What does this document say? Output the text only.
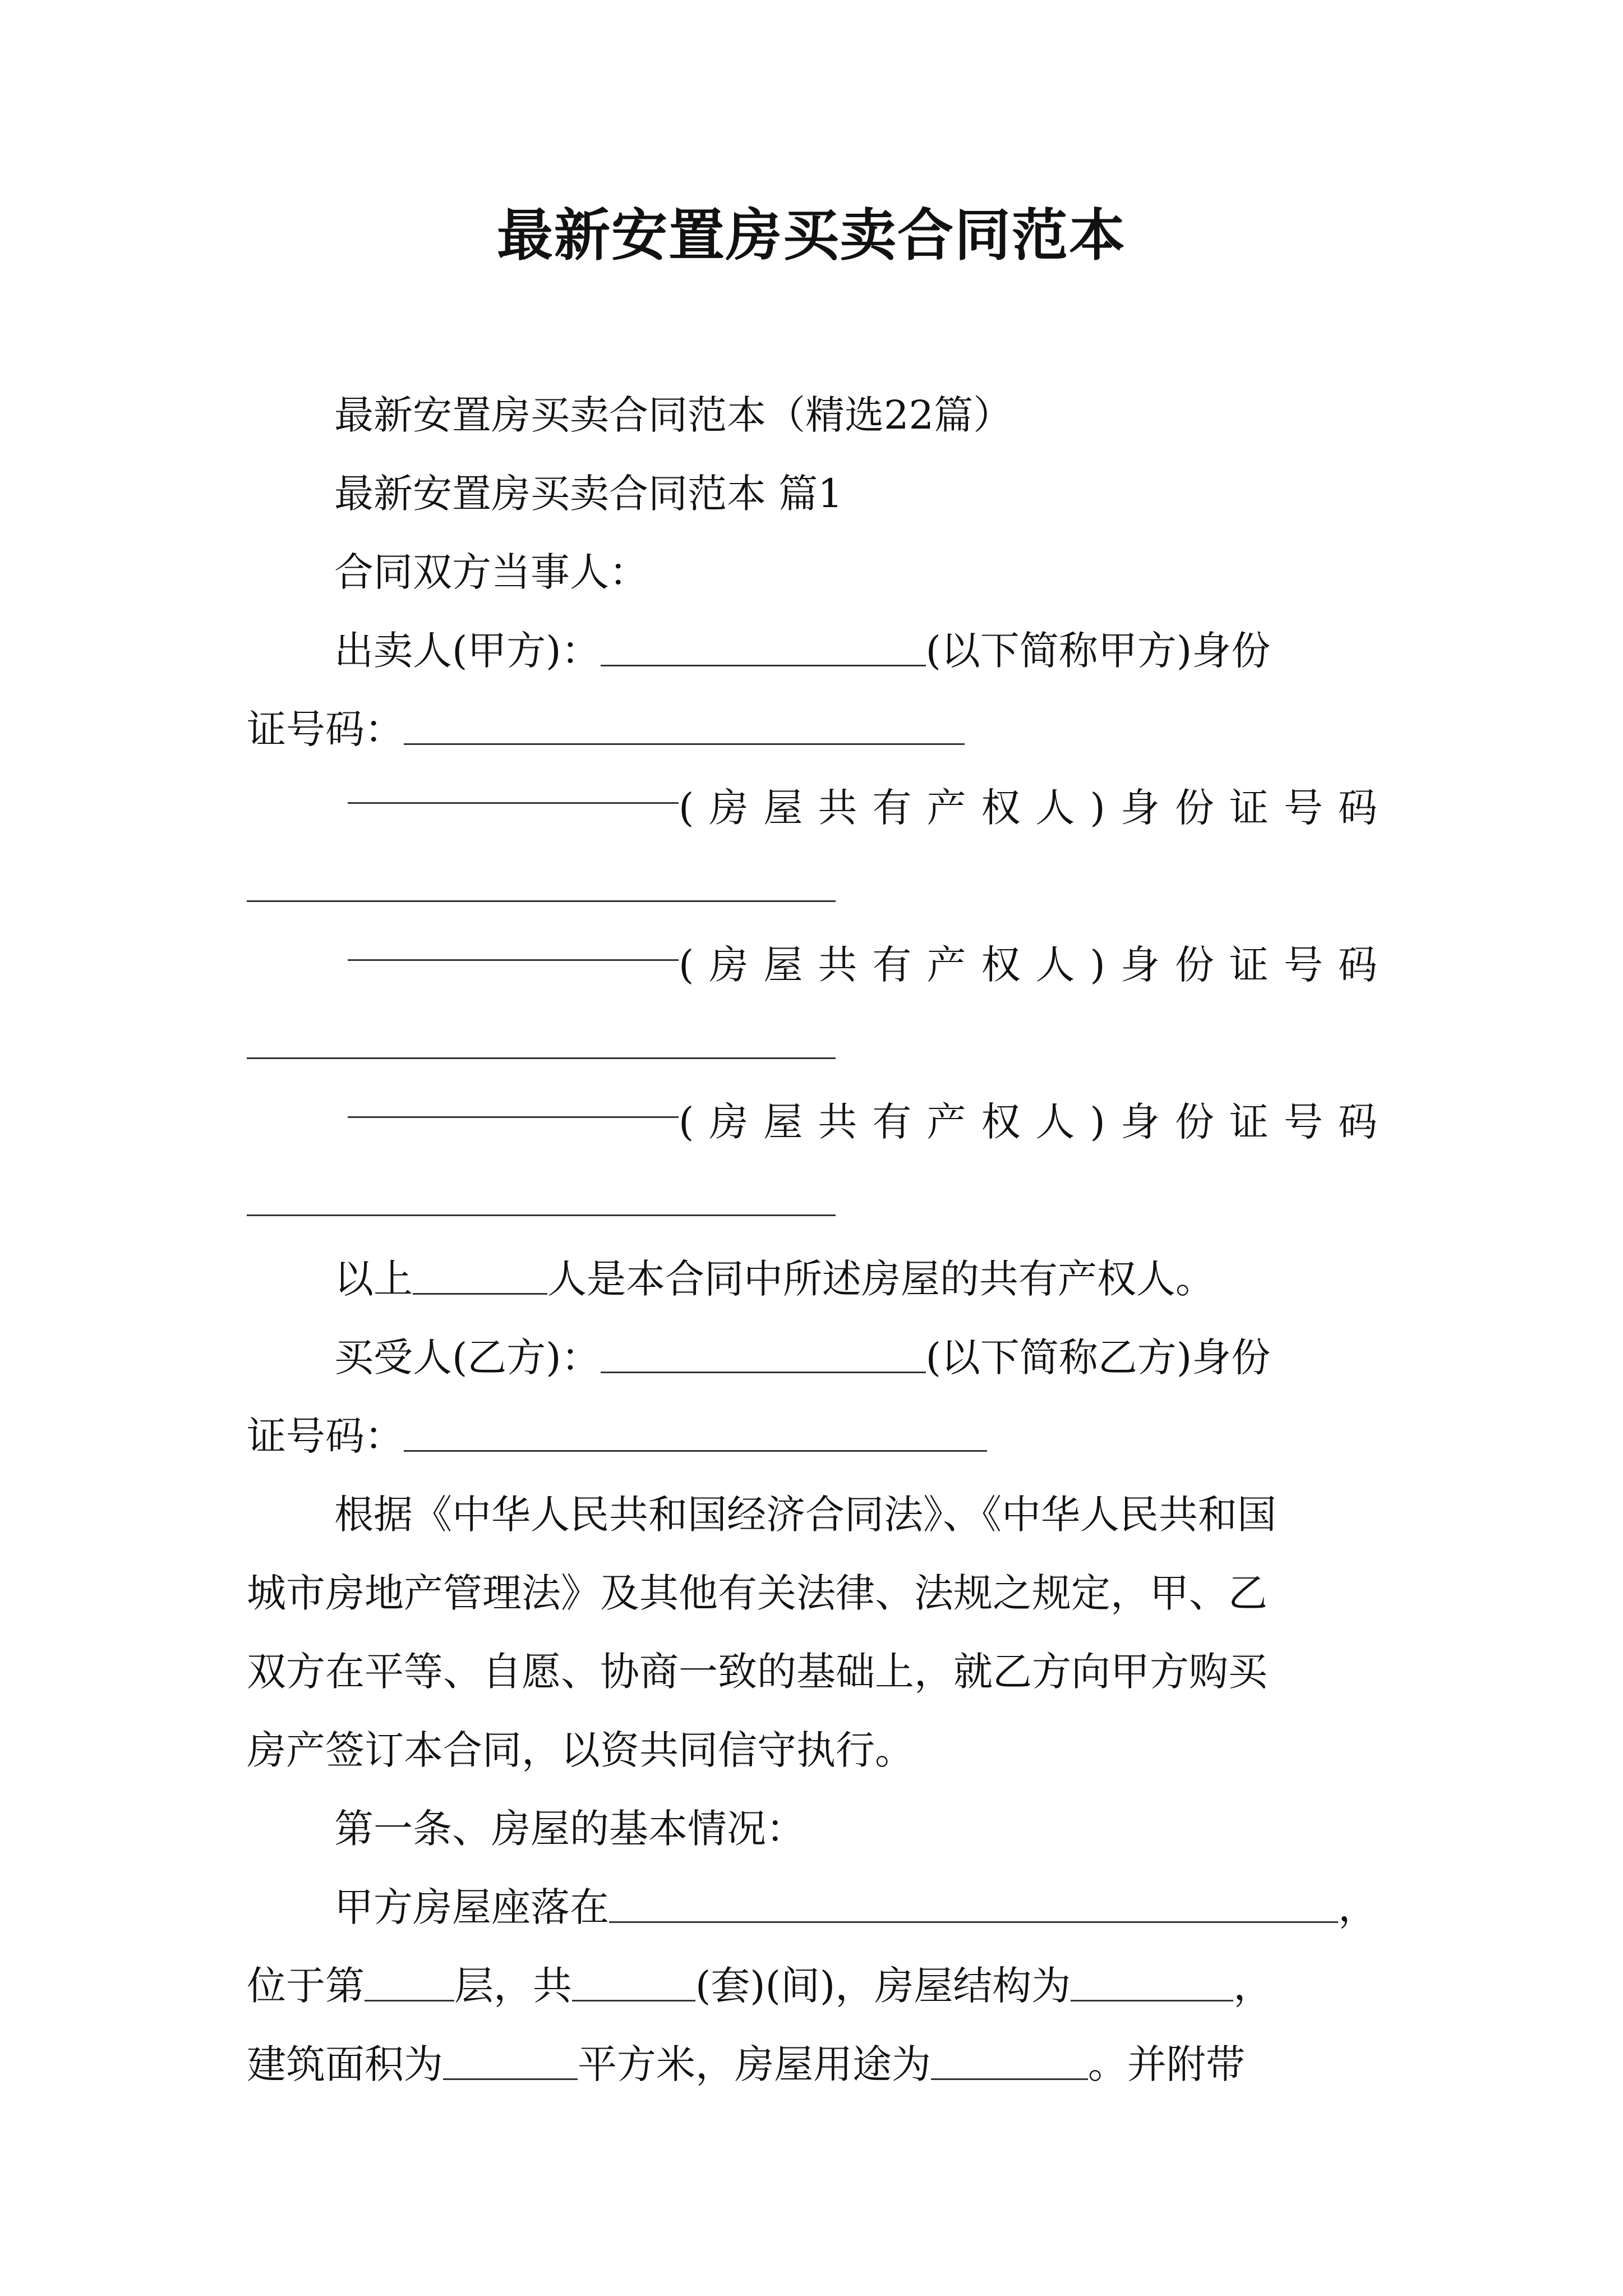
最新安置房买卖合同范本

最新安置房买卖合同范本（精选22篇）

最新安置房买卖合同范本 篇1

合同双方当事人：

出卖人(甲方)：	(以下简称甲方)身份

证号码：

(房屋共有产权人)身份证号码

(房屋共有产权人)身份证号码

(房屋共有产权人)身份证号码

以上	人是本合同中所述房屋的共有产权人。

买受人(乙方)：	(以下简称乙方)身份

证号码：

根据《中华人民共和国经济合同法》、《中华人民共和国

城市房地产管理法》及其他有关法律、法规之规定，甲、乙

双方在平等、自愿、协商一致的基础上，就乙方向甲方购买

房产签订本合同，以资共同信守执行。

第一条、房屋的基本情况：

甲方房屋座落在	，

位于第 层，共	(套)(间)，房屋结构为	，

建筑面积为	平方米，房屋用途为	。并附带
